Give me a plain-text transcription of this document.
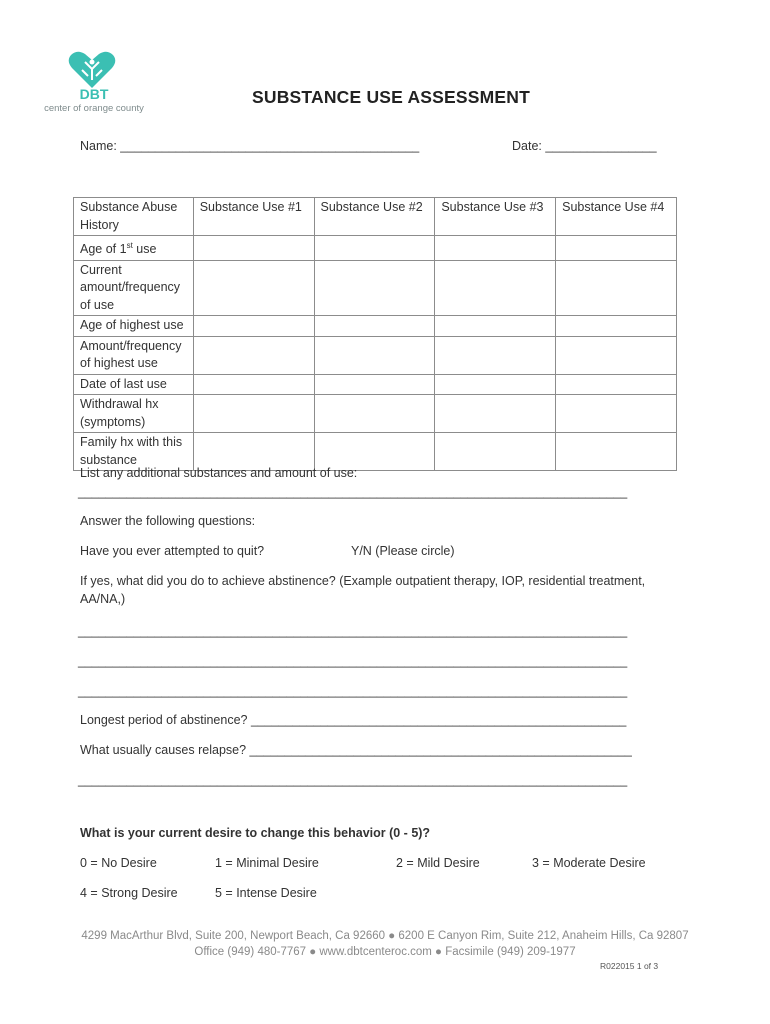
DBT
center of orange county
SUBSTANCE USE ASSESSMENT
Name: ___________________________________________	Date: ________________
Substance Abuse History	Substance Use #1	Substance Use #2	Substance Use #3	Substance Use #4
Age of 1st use				
Current amount/frequency of use				
Age of highest use				
Amount/frequency of highest use				
Date of last use				
Withdrawal hx (symptoms)				
Family hx with this substance				
List any additional substances and amount of use:
_______________________________________________________________________________
Answer the following questions:
Have you ever attempted to quit?	Y/N (Please circle)
If yes, what did you do to achieve abstinence? (Example outpatient therapy, IOP, residential treatment,
AA/NA,)
_______________________________________________________________________________
_______________________________________________________________________________
_______________________________________________________________________________
Longest period of abstinence? ______________________________________________________
What usually causes relapse? _______________________________________________________
_______________________________________________________________________________
What is your current desire to change this behavior (0 - 5)?
0 = No Desire	1 = Minimal Desire	2 = Mild Desire	3 = Moderate Desire
4 = Strong Desire	5 = Intense Desire
4299 MacArthur Blvd, Suite 200, Newport Beach, Ca 92660 ● 6200 E Canyon Rim, Suite 212, Anaheim Hills, Ca 92807
Office (949) 480-7767 ● www.dbtcenteroc.com ● Facsimile (949) 209-1977
R022015 1 of 3
